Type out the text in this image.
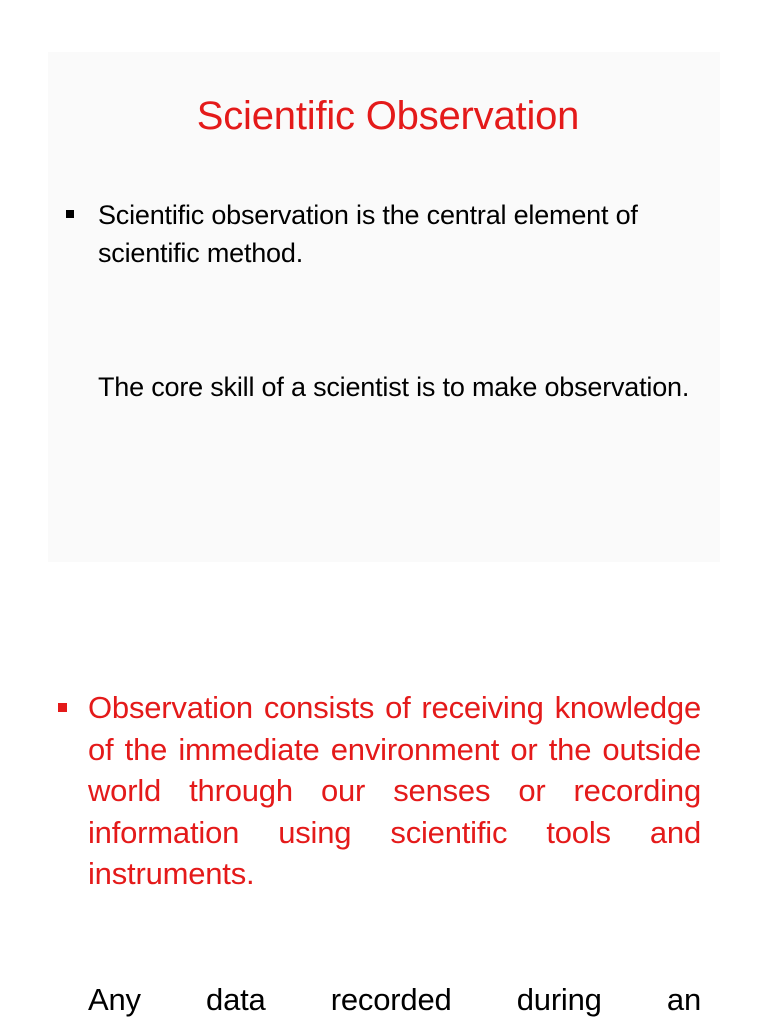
Scientific Observation
Scientific observation is the central element of scientific method.
The core skill of a scientist is to make observation.
Observation consists of receiving knowledge of the immediate environment or the outside world through our senses or recording information using scientific tools and instruments.
Any data recorded during an
